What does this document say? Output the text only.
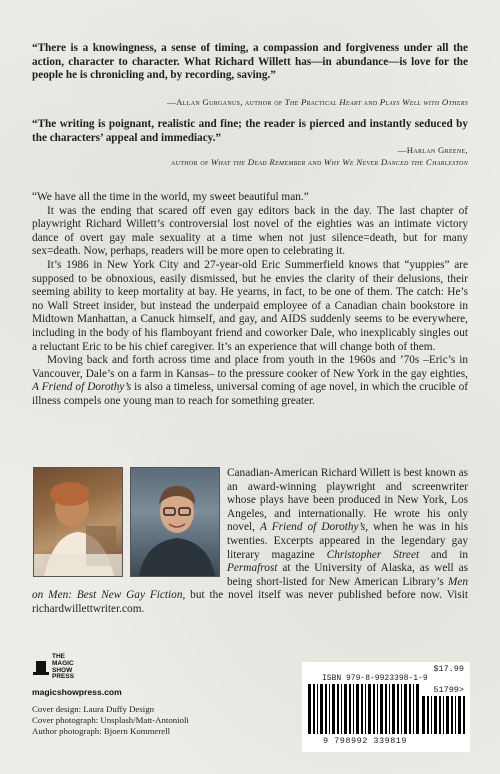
“There is a knowingness, a sense of timing, a compassion and forgiveness under all the action, character to character. What Richard Willett has—in abundance—is love for the people he is chronicling and, by recording, saving.”
—Allan Gurganus, author of The Practical Heart and Plays Well with Others
“The writing is poignant, realistic and fine; the reader is pierced and instantly seduced by the characters’ appeal and immediacy.”
—Harlan Greene,
author of What the Dead Remember and Why We Never Danced the Charleston

“We have all the time in the world, my sweet beautiful man.”

It was the ending that scared off even gay editors back in the day. The last chapter of playwright Richard Willett’s controversial lost novel of the eighties was an intimate victory dance of overt gay male sexuality at a time when not just silence=death, but for many sex=death. Now, perhaps, readers will be more open to celebrating it.

It’s 1986 in New York City and 27-year-old Eric Summerfield knows that “yuppies” are supposed to be obnoxious, easily dismissed, but he envies the clarity of their delusions, their seeming ability to keep mortality at bay. He yearns, in fact, to be one of them. The catch: He’s no Wall Street insider, but instead the underpaid employee of a Canadian chain bookstore in Midtown Manhattan, a Canuck himself, and gay, and AIDS suddenly seems to be everywhere, including in the body of his flamboyant friend and coworker Dale, who inexplicably singles out a reluctant Eric to be his chief caregiver. It’s an experience that will change both of them.

Moving back and forth across time and place from youth in the 1960s and ’70s –Eric’s in Vancouver, Dale’s on a farm in Kansas– to the pressure cooker of New York in the gay eighties, A Friend of Dorothy’s is also a timeless, universal coming of age novel, in which the crucible of illness compels one young man to reach for something greater.

Canadian-American Richard Willett is best known as an award-winning playwright and screenwriter whose plays have been produced in New York, Los Angeles, and internationally. He wrote his only novel, A Friend of Dorothy’s, when he was in his twenties. Excerpts appeared in the legendary gay literary magazine Christopher Street and in Permafrost at the University of Alaska, as well as being short-listed for New American Library’s Men on Men: Best New Gay Fiction, but the novel itself was never published before now. Visit richardwillettwriter.com.
THE
MAGIC
SHOW
PRESS
magicshowpress.com
Cover design: Laura Duffy Design
Cover photograph: Unsplash/Matt-Antonioli
Author photograph: Bjoern Kommerell
$17.99
ISBN 979-8-9923398-1-9
51799>
9 798992 339819
